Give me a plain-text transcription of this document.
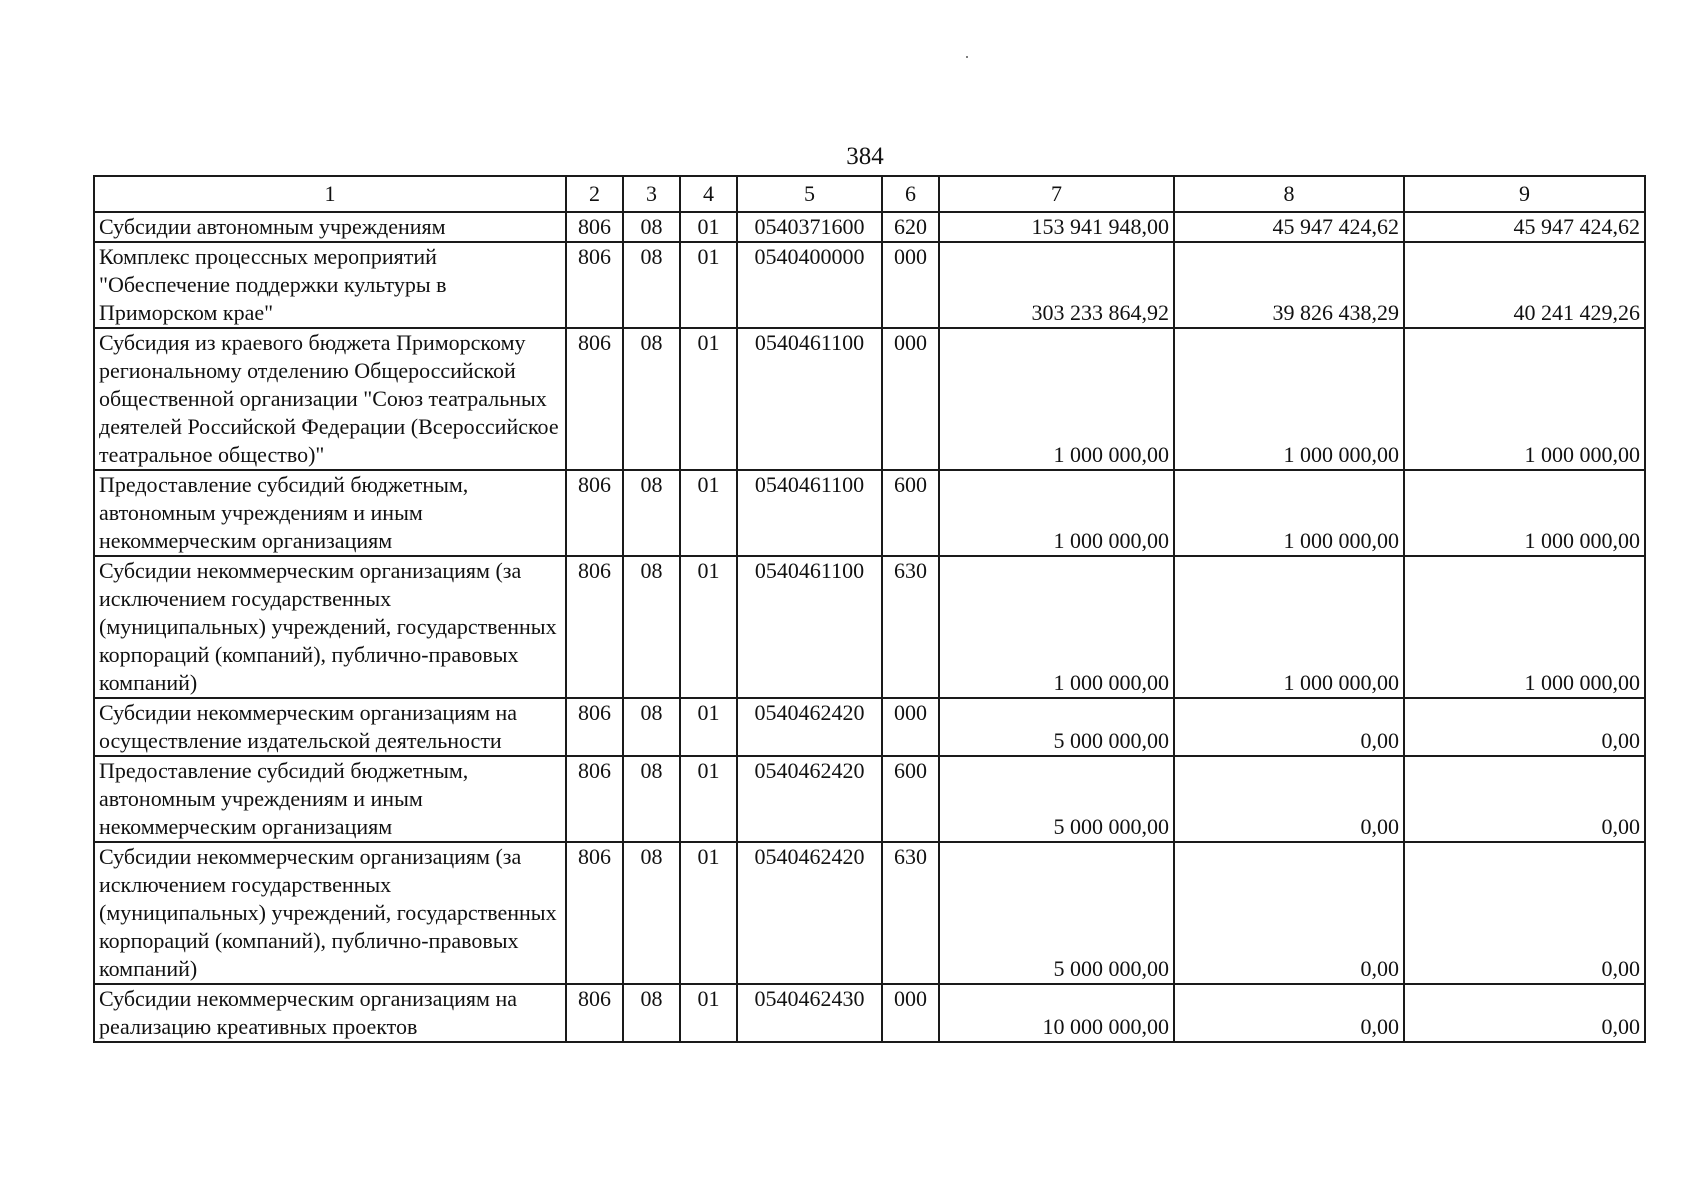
384
1	2	3	4	5	6	7	8	9
Субсидии автономным учреждениям	806	08	01	0540371600	620	153 941 948,00	45 947 424,62	45 947 424,62
Комплекс процессных мероприятий "Обеспечение поддержки культуры в Приморском крае"	806	08	01	0540400000	000	303 233 864,92	39 826 438,29	40 241 429,26
Субсидия из краевого бюджета Приморскому региональному отделению Общероссийской общественной организации "Союз театральных деятелей Российской Федерации (Всероссийское театральное общество)"	806	08	01	0540461100	000	1 000 000,00	1 000 000,00	1 000 000,00
Предоставление субсидий бюджетным, автономным учреждениям и иным некоммерческим организациям	806	08	01	0540461100	600	1 000 000,00	1 000 000,00	1 000 000,00
Субсидии некоммерческим организациям (за исключением государственных (муниципальных) учреждений, государственных корпораций (компаний), публично-правовых компаний)	806	08	01	0540461100	630	1 000 000,00	1 000 000,00	1 000 000,00
Субсидии некоммерческим организациям на осуществление издательской деятельности	806	08	01	0540462420	000	5 000 000,00	0,00	0,00
Предоставление субсидий бюджетным, автономным учреждениям и иным некоммерческим организациям	806	08	01	0540462420	600	5 000 000,00	0,00	0,00
Субсидии некоммерческим организациям (за исключением государственных (муниципальных) учреждений, государственных корпораций (компаний), публично-правовых компаний)	806	08	01	0540462420	630	5 000 000,00	0,00	0,00
Субсидии некоммерческим организациям на реализацию креативных проектов	806	08	01	0540462430	000	10 000 000,00	0,00	0,00
